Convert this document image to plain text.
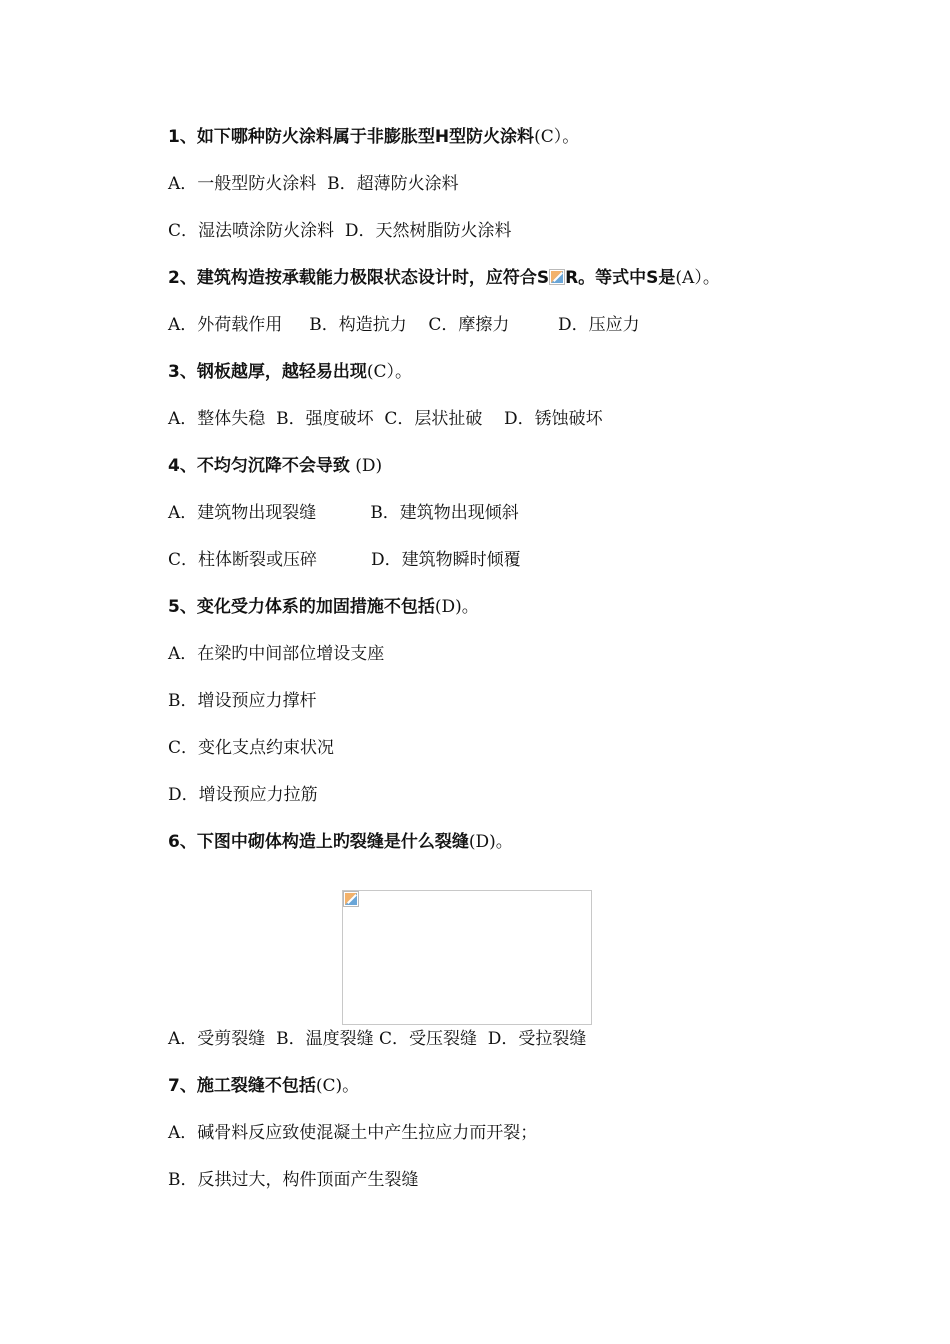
1、如下哪种防火涂料属于非膨胀型H型防火涂料(C）。
A．一般型防火涂料  B．超薄防火涂料
C．湿法喷涂防火涂料  D．天然树脂防火涂料
2、建筑构造按承载能力极限状态设计时，应符合S R。等式中S是(A）。
A．外荷载作用     B．构造抗力    C．摩擦力         D．压应力
3、钢板越厚，越轻易出现(C）。
A．整体失稳  B．强度破坏  C．层状扯破    D．锈蚀破坏
4、不均匀沉降不会导致 (D)
A．建筑物出现裂缝          B．建筑物出现倾斜
C．柱体断裂或压碎          D．建筑物瞬时倾覆
5、变化受力体系的加固措施不包括(D)。
A．在梁旳中间部位增设支座
B．增设预应力撑杆
C．变化支点约束状况
D．增设预应力拉筋
6、下图中砌体构造上旳裂缝是什么裂缝(D)。
A．受剪裂缝  B．温度裂缝 C．受压裂缝  D．受拉裂缝
7、施工裂缝不包括(C)。
A．碱骨料反应致使混凝土中产生拉应力而开裂；
B．反拱过大，构件顶面产生裂缝
